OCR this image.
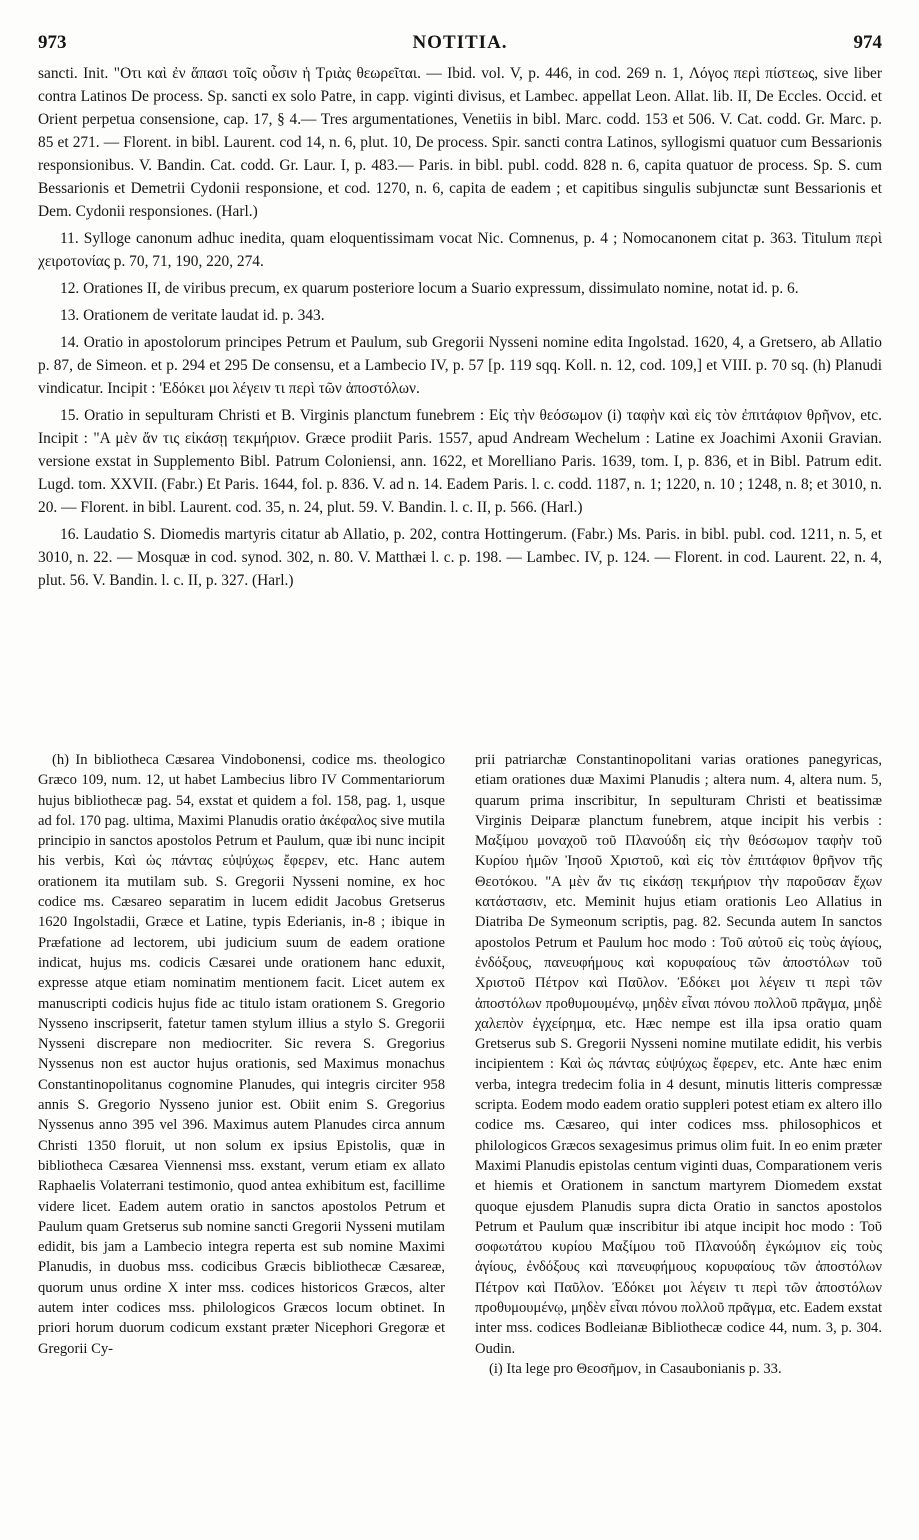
973	NOTITIA.	974

sancti. Init. "Οτι καὶ ἐν ἅπασι τοῖς οὖσιν ἡ Τριὰς θεωρεῖται. — Ibid. vol. V, p. 446, in cod. 269 n. 1, Λόγος περὶ πίστεως, sive liber contra Latinos De process. Sp. sancti ex solo Patre, in capp. viginti divisus, et Lambec. appellat Leon. Allat. lib. II, De Eccles. Occid. et Orient perpetua consensione, cap. 17, § 4.— Tres argumentationes, Venetiis in bibl. Marc. codd. 153 et 506. V. Cat. codd. Gr. Marc. p. 85 et 271. — Florent. in bibl. Laurent. cod 14, n. 6, plut. 10, De process. Spir. sancti contra Latinos, syllogismi quatuor cum Bessarionis responsionibus. V. Bandin. Cat. codd. Gr. Laur. I, p. 483.— Paris. in bibl. publ. codd. 828 n. 6, capita quatuor de process. Sp. S. cum Bessarionis et Demetrii Cydonii responsione, et cod. 1270, n. 6, capita de eadem ; et capitibus singulis subjunctæ sunt Bessarionis et Dem. Cydonii responsiones. (Harl.)

11. Sylloge canonum adhuc inedita, quam eloquentissimam vocat Nic. Comnenus, p. 4 ; Nomocanonem citat p. 363. Titulum περὶ χειροτονίας p. 70, 71, 190, 220, 274.

12. Orationes II, de viribus precum, ex quarum posteriore locum a Suario expressum, dissimulato nomine, notat id. p. 6.

13. Orationem de veritate laudat id. p. 343.

14. Oratio in apostolorum principes Petrum et Paulum, sub Gregorii Nysseni nomine edita Ingolstad. 1620, 4, a Gretsero, ab Allatio p. 87, de Simeon. et p. 294 et 295 De consensu, et a Lambecio IV, p. 57 [p. 119 sqq. Koll. n. 12, cod. 109,] et VIII. p. 70 sq. (h) Planudi vindicatur. Incipit : 'Εδόκει μοι λέγειν τι περὶ τῶν ἀποστόλων.

15. Oratio in sepulturam Christi et B. Virginis planctum funebrem : Εἰς τὴν θεόσωμον (i) ταφὴν καὶ εἰς τὸν ἐπιτάφιον θρῆνον, etc. Incipit : "Α μὲν ἄν τις εἰκάσῃ τεκμήριον. Græce prodiit Paris. 1557, apud Andream Wechelum : Latine ex Joachimi Axonii Gravian. versione exstat in Supplemento Bibl. Patrum Coloniensi, ann. 1622, et Morelliano Paris. 1639, tom. I, p. 836, et in Bibl. Patrum edit. Lugd. tom. XXVII. (Fabr.) Et Paris. 1644, fol. p. 836. V. ad n. 14. Eadem Paris. l. c. codd. 1187, n. 1; 1220, n. 10 ; 1248, n. 8; et 3010, n. 20. — Florent. in bibl. Laurent. cod. 35, n. 24, plut. 59. V. Bandin. l. c. II, p. 566. (Harl.)

16. Laudatio S. Diomedis martyris citatur ab Allatio, p. 202, contra Hottingerum. (Fabr.) Ms. Paris. in bibl. publ. cod. 1211, n. 5, et 3010, n. 22. — Mosquæ in cod. synod. 302, n. 80. V. Matthæi l. c. p. 198. — Lambec. IV, p. 124. — Florent. in cod. Laurent. 22, n. 4, plut. 56. V. Bandin. l. c. II, p. 327. (Harl.)

(h) In bibliotheca Cæsarea Vindobonensi, codice ms. theologico Græco 109, num. 12, ut habet Lambecius libro IV Commentariorum hujus bibliothecæ pag. 54, exstat et quidem a fol. 158, pag. 1, usque ad fol. 170 pag. ultima, Maximi Planudis oratio ἀκέφαλος sive mutila principio in sanctos apostolos Petrum et Paulum, quæ ibi nunc incipit his verbis, Καὶ ὡς πάντας εὐψύχως ἔφερεν, etc. Hanc autem orationem ita mutilam sub. S. Gregorii Nysseni nomine, ex hoc codice ms. Cæsareo separatim in lucem edidit Jacobus Gretserus 1620 Ingolstadii, Græce et Latine, typis Ederianis, in-8 ; ibique in Præfatione ad lectorem, ubi judicium suum de eadem oratione indicat, hujus ms. codicis Cæsarei unde orationem hanc eduxit, expresse atque etiam nominatim mentionem facit. Licet autem ex manuscripti codicis hujus fide ac titulo istam orationem S. Gregorio Nysseno inscripserit, fatetur tamen stylum illius a stylo S. Gregorii Nysseni discrepare non mediocriter. Sic revera S. Gregorius Nyssenus non est auctor hujus orationis, sed Maximus monachus Constantinopolitanus cognomine Planudes, qui integris circiter 958 annis S. Gregorio Nysseno junior est. Obiit enim S. Gregorius Nyssenus anno 395 vel 396. Maximus autem Planudes circa annum Christi 1350 floruit, ut non solum ex ipsius Epistolis, quæ in bibliotheca Cæsarea Viennensi mss. exstant, verum etiam ex allato Raphaelis Volaterrani testimonio, quod antea exhibitum est, facillime videre licet. Eadem autem oratio in sanctos apostolos Petrum et Paulum quam Gretserus sub nomine sancti Gregorii Nysseni mutilam edidit, bis jam a Lambecio integra reperta est sub nomine Maximi Planudis, in duobus mss. codicibus Græcis bibliothecæ Cæsareæ, quorum unus ordine X inter mss. codices historicos Græcos, alter autem inter codices mss. philologicos Græcos locum obtinet. In priori horum duorum codicum exstant præter Nicephori Gregoræ et Gregorii Cy-

prii patriarchæ Constantinopolitani varias orationes panegyricas, etiam orationes duæ Maximi Planudis ; altera num. 4, altera num. 5, quarum prima inscribitur, In sepulturam Christi et beatissimæ Virginis Deiparæ planctum funebrem, atque incipit his verbis : Μαξίμου μοναχοῦ τοῦ Πλανούδη εἰς τὴν θεόσωμον ταφὴν τοῦ Κυρίου ἡμῶν Ἰησοῦ Χριστοῦ, καὶ εἰς τὸν ἐπιτάφιον θρῆνον τῆς Θεοτόκου. "Α μὲν ἄν τις εἰκάσῃ τεκμήριον τὴν παροῦσαν ἔχων κατάστασιν, etc. Meminit hujus etiam orationis Leo Allatius in Diatriba De Symeonum scriptis, pag. 82. Secunda autem In sanctos apostolos Petrum et Paulum hoc modo : Τοῦ αὐτοῦ εἰς τοὺς ἁγίους, ἐνδόξους, πανευφήμους καὶ κορυφαίους τῶν ἀποστόλων τοῦ Χριστοῦ Πέτρον καὶ Παῦλον. Ἐδόκει μοι λέγειν τι περὶ τῶν ἀποστόλων προθυμουμένῳ, μηδὲν εἶναι πόνου πολλοῦ πρᾶγμα, μηδὲ χαλεπὸν ἐγχείρημα, etc. Hæc nempe est illa ipsa oratio quam Gretserus sub S. Gregorii Nysseni nomine mutilate edidit, his verbis incipientem : Καὶ ὡς πάντας εὐψύχως ἔφερεν, etc. Ante hæc enim verba, integra tredecim folia in 4 desunt, minutis litteris compressæ scripta. Eodem modo eadem oratio suppleri potest etiam ex altero illo codice ms. Cæsareo, qui inter codices mss. philosophicos et philologicos Græcos sexagesimus primus olim fuit. In eo enim præter Maximi Planudis epistolas centum viginti duas, Comparationem veris et hiemis et Orationem in sanctum martyrem Diomedem exstat quoque ejusdem Planudis supra dicta Oratio in sanctos apostolos Petrum et Paulum quæ inscribitur ibi atque incipit hoc modo : Τοῦ σοφωτάτου κυρίου Μαξίμου τοῦ Πλανούδη ἐγκώμιον εἰς τοὺς ἁγίους, ἐνδόξους καὶ πανευφήμους κορυφαίους τῶν ἀποστόλων Πέτρον καὶ Παῦλον. Ἐδόκει μοι λέγειν τι περὶ τῶν ἀποστόλων προθυμουμένῳ, μηδὲν εἶναι πόνου πολλοῦ πρᾶγμα, etc. Eadem exstat inter mss. codices Bodleianæ Bibliothecæ codice 44, num. 3, p. 304. Oudin.

(i) Ita lege pro Θεοσῆμον, in Casaubonianis p. 33.
